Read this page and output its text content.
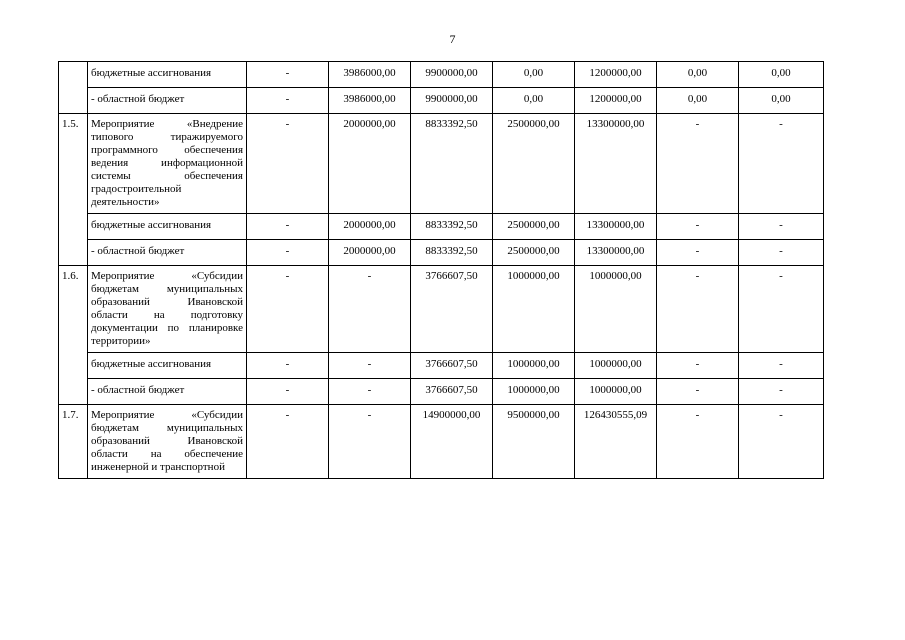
7
	бюджетные ассигнования	-	3986000,00	9900000,00	0,00	1200000,00	0,00	0,00
	- областной бюджет	-	3986000,00	9900000,00	0,00	1200000,00	0,00	0,00
1.5.	Мероприятие «Внедрение типового тиражируемого программного обеспечения ведения информационной системы обеспечения градостроительной деятельности»	-	2000000,00	8833392,50	2500000,00	13300000,00	-	-
	бюджетные ассигнования	-	2000000,00	8833392,50	2500000,00	13300000,00	-	-
	- областной бюджет	-	2000000,00	8833392,50	2500000,00	13300000,00	-	-
1.6.	Мероприятие «Субсидии бюджетам муниципальных образований Ивановской области на подготовку документации по планировке территории»	-	-	3766607,50	1000000,00	1000000,00	-	-
	бюджетные ассигнования	-	-	3766607,50	1000000,00	1000000,00	-	-
	- областной бюджет	-	-	3766607,50	1000000,00	1000000,00	-	-
1.7.	Мероприятие «Субсидии бюджетам муниципальных образований Ивановской области на обеспечение инженерной и транспортной	-	-	14900000,00	9500000,00	126430555,09	-	-
